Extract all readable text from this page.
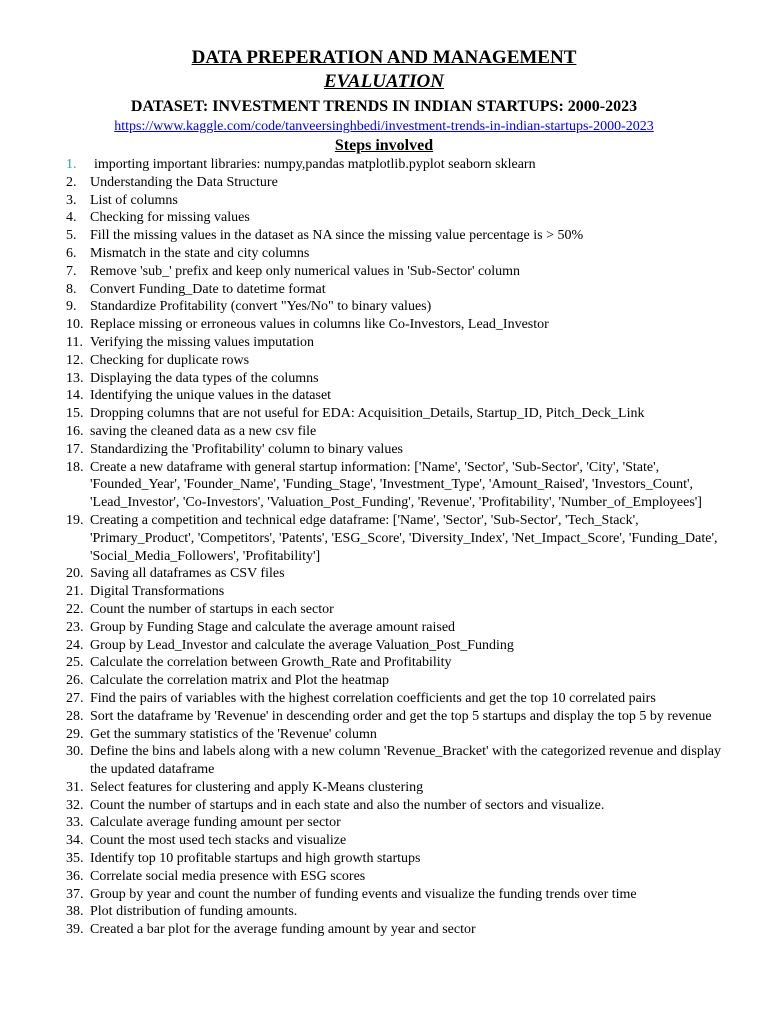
DATA PREPERATION AND MANAGEMENT
EVALUATION
DATASET: INVESTMENT TRENDS IN INDIAN STARTUPS: 2000-2023
https://www.kaggle.com/code/tanveersinghbedi/investment-trends-in-indian-startups-2000-2023
Steps involved
1. importing important libraries: numpy,pandas matplotlib.pyplot seaborn sklearn
2. Understanding the Data Structure
3. List of columns
4. Checking for missing values
5. Fill the missing values in the dataset as NA since the missing value percentage is > 50%
6. Mismatch in the state and city columns
7. Remove 'sub_' prefix and keep only numerical values in 'Sub-Sector' column
8. Convert Funding_Date to datetime format
9. Standardize Profitability (convert "Yes/No" to binary values)
10. Replace missing or erroneous values in columns like Co-Investors, Lead_Investor
11. Verifying the missing values imputation
12. Checking for duplicate rows
13. Displaying the data types of the columns
14. Identifying the unique values in the dataset
15. Dropping columns that are not useful for EDA: Acquisition_Details, Startup_ID, Pitch_Deck_Link
16. saving the cleaned data as a new csv file
17. Standardizing the 'Profitability' column to binary values
18. Create a new dataframe with general startup information: ['Name', 'Sector', 'Sub-Sector', 'City', 'State', 'Founded_Year', 'Founder_Name', 'Funding_Stage', 'Investment_Type', 'Amount_Raised', 'Investors_Count', 'Lead_Investor', 'Co-Investors', 'Valuation_Post_Funding', 'Revenue', 'Profitability', 'Number_of_Employees']
19. Creating a competition and technical edge dataframe: ['Name', 'Sector', 'Sub-Sector', 'Tech_Stack', 'Primary_Product', 'Competitors', 'Patents', 'ESG_Score', 'Diversity_Index', 'Net_Impact_Score', 'Funding_Date', 'Social_Media_Followers', 'Profitability']
20. Saving all dataframes as CSV files
21. Digital Transformations
22. Count the number of startups in each sector
23. Group by Funding Stage and calculate the average amount raised
24. Group by Lead_Investor and calculate the average Valuation_Post_Funding
25. Calculate the correlation between Growth_Rate and Profitability
26. Calculate the correlation matrix and Plot the heatmap
27. Find the pairs of variables with the highest correlation coefficients and get the top 10 correlated pairs
28. Sort the dataframe by 'Revenue' in descending order and get the top 5 startups and display the top 5 by revenue
29. Get the summary statistics of the 'Revenue' column
30. Define the bins and labels along with a new column 'Revenue_Bracket' with the categorized revenue and display the updated dataframe
31. Select features for clustering and apply K-Means clustering
32. Count the number of startups and in each state and also the number of sectors and visualize.
33. Calculate average funding amount per sector
34. Count the most used tech stacks and visualize
35. Identify top 10 profitable startups and high growth startups
36. Correlate social media presence with ESG scores
37. Group by year and count the number of funding events and visualize the funding trends over time
38. Plot distribution of funding amounts.
39. Created a bar plot for the average funding amount by year and sector
